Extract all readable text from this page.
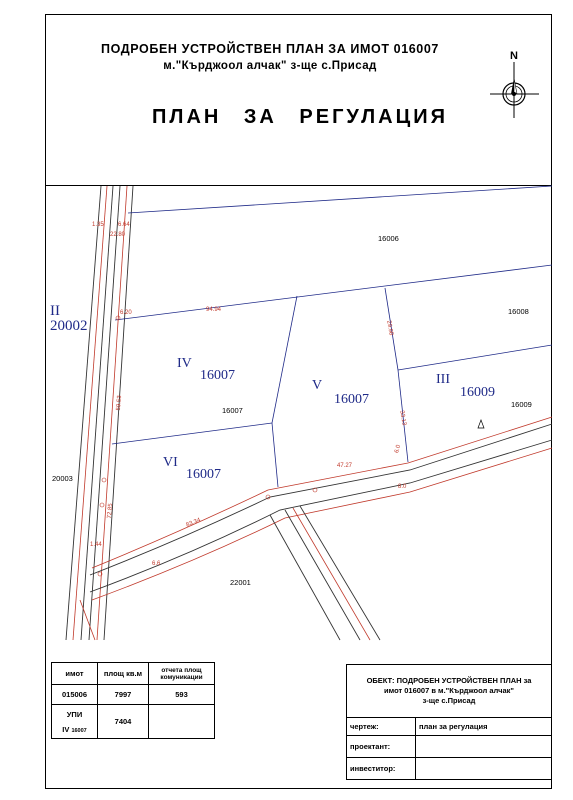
ПОДРОБЕН УСТРОЙСТВЕН ПЛАН ЗА ИМОТ 016007
м."Кърджоол алчак" з-ще с.Присад
ПЛАН ЗА РЕГУЛАЦИЯ
N
II
20002
IV
16007
V
16007
III
16009
VI
16007
16006
16008
16007
16009
20003
22001
94.94
29.98
33.13
59.53
47.27
72.85
83.34
6.0
8.0
1.35
22.80
1.44
6.64
6.20
6.6
имот	площ кв.м	отчета площ комуникации
015006	7997	593

УПИ
IV 16007	7404	
ОБЕКТ: ПОДРОБЕН УСТРОЙСТВЕН ПЛАН за
имот 016007 в м."Кърджоол алчак"
з-ще с.Присад	

чертеж:	план за регулация
проектант:	
инвеститор:	
